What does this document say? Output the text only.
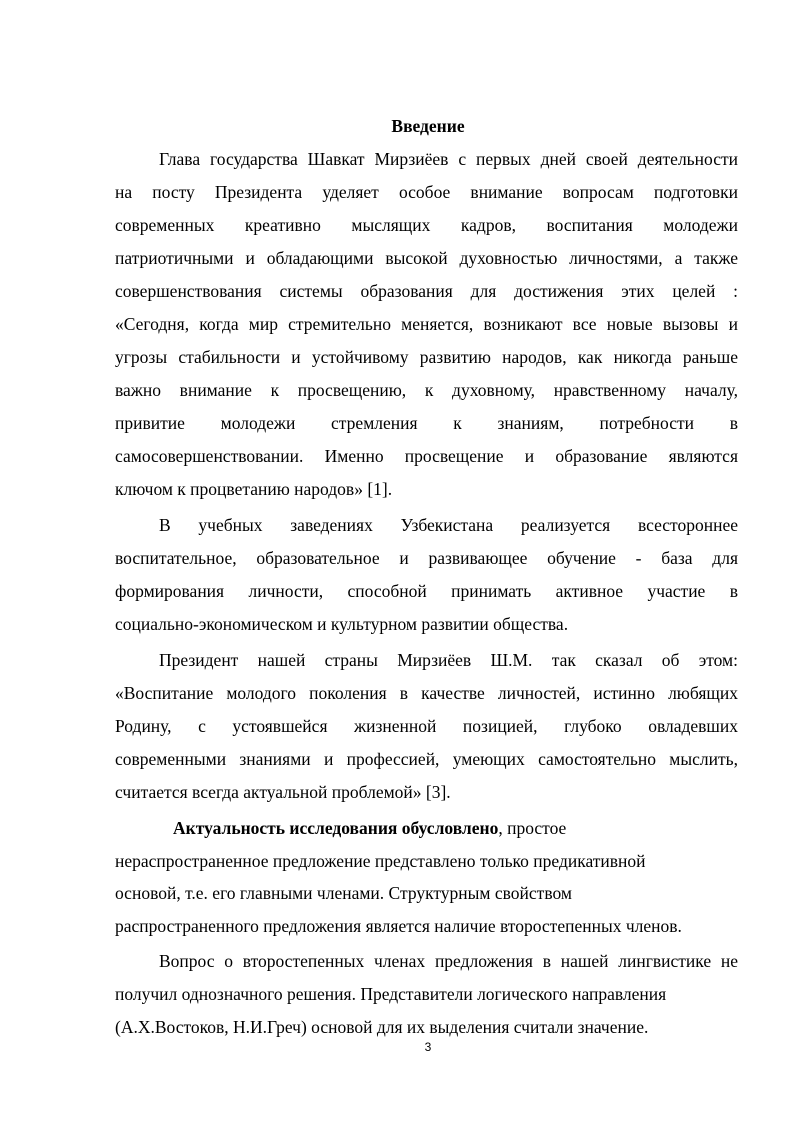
Введение
Глава государства Шавкат Мирзиёев с первых дней своей деятельности
на посту Президента уделяет особое внимание вопросам подготовки
современных креативно мыслящих кадров, воспитания молодежи
патриотичными и обладающими высокой духовностью личностями, а также
совершенствования системы образования для достижения этих целей :
«Сегодня, когда мир стремительно меняется, возникают все новые вызовы и
угрозы стабильности и устойчивому развитию народов, как никогда раньше
важно внимание к просвещению, к духовному, нравственному началу,
привитие молодежи стремления к знаниям, потребности в
самосовершенствовании. Именно просвещение и образование являются
ключом к процветанию народов» [1].
В учебных заведениях Узбекистана реализуется всестороннее
воспитательное, образовательное и развивающее обучение - база для
формирования личности, способной принимать активное участие в
социально-экономическом и культурном развитии общества.
Президент нашей страны Мирзиёев Ш.М. так сказал об этом:
«Воспитание молодого поколения в качестве личностей, истинно любящих
Родину, с устоявшейся жизненной позицией, глубоко овладевших
современными знаниями и профессией, умеющих самостоятельно мыслить,
считается всегда актуальной проблемой» [3].
Актуальность исследования обусловлено, простое
нераспространенное предложение представлено только предикативной
основой, т.е. его главными членами. Структурным свойством
распространенного предложения является наличие второстепенных членов.
Вопрос о второстепенных членах предложения в нашей лингвистике не
получил однозначного решения. Представители логического направления
(А.Х.Востоков, Н.И.Греч) основой для их выделения считали значение.
3
